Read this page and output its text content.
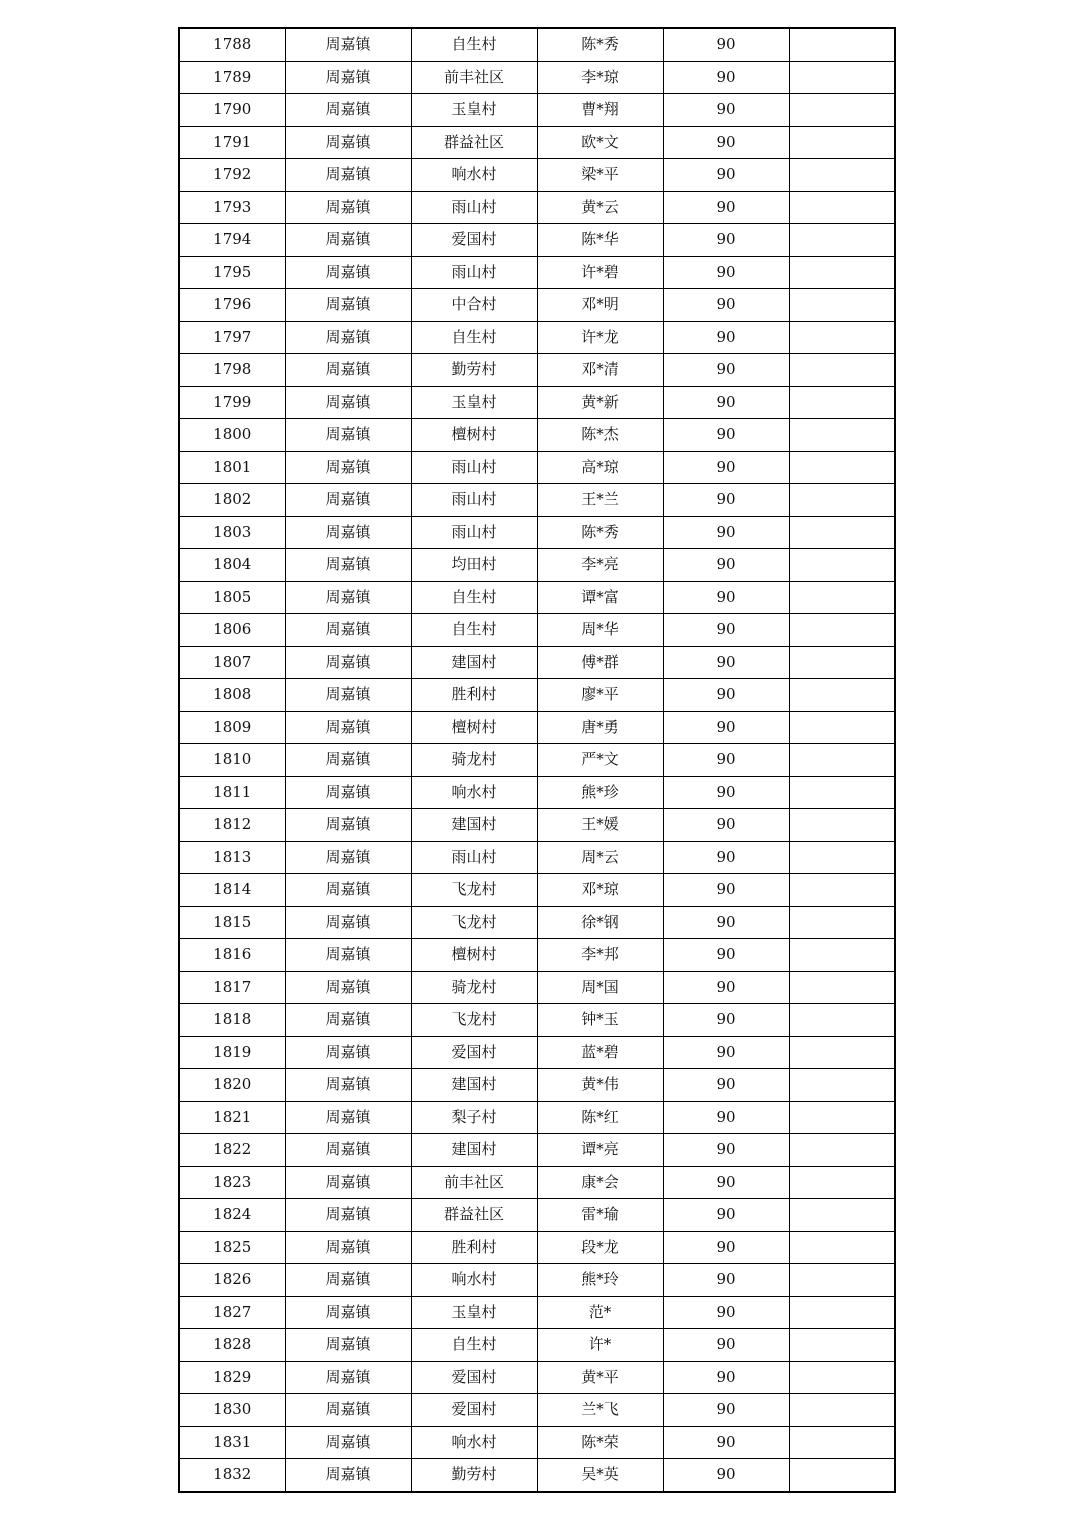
1788	周嘉镇	自生村	陈*秀	90	
1789	周嘉镇	前丰社区	李*琼	90	
1790	周嘉镇	玉皇村	曹*翔	90	
1791	周嘉镇	群益社区	欧*文	90	
1792	周嘉镇	响水村	梁*平	90	
1793	周嘉镇	雨山村	黄*云	90	
1794	周嘉镇	爱国村	陈*华	90	
1795	周嘉镇	雨山村	许*碧	90	
1796	周嘉镇	中合村	邓*明	90	
1797	周嘉镇	自生村	许*龙	90	
1798	周嘉镇	勤劳村	邓*清	90	
1799	周嘉镇	玉皇村	黄*新	90	
1800	周嘉镇	檀树村	陈*杰	90	
1801	周嘉镇	雨山村	高*琼	90	
1802	周嘉镇	雨山村	王*兰	90	
1803	周嘉镇	雨山村	陈*秀	90	
1804	周嘉镇	均田村	李*亮	90	
1805	周嘉镇	自生村	谭*富	90	
1806	周嘉镇	自生村	周*华	90	
1807	周嘉镇	建国村	傅*群	90	
1808	周嘉镇	胜利村	廖*平	90	
1809	周嘉镇	檀树村	唐*勇	90	
1810	周嘉镇	骑龙村	严*文	90	
1811	周嘉镇	响水村	熊*珍	90	
1812	周嘉镇	建国村	王*媛	90	
1813	周嘉镇	雨山村	周*云	90	
1814	周嘉镇	飞龙村	邓*琼	90	
1815	周嘉镇	飞龙村	徐*钢	90	
1816	周嘉镇	檀树村	李*邦	90	
1817	周嘉镇	骑龙村	周*国	90	
1818	周嘉镇	飞龙村	钟*玉	90	
1819	周嘉镇	爱国村	蓝*碧	90	
1820	周嘉镇	建国村	黄*伟	90	
1821	周嘉镇	梨子村	陈*红	90	
1822	周嘉镇	建国村	谭*亮	90	
1823	周嘉镇	前丰社区	康*会	90	
1824	周嘉镇	群益社区	雷*瑜	90	
1825	周嘉镇	胜利村	段*龙	90	
1826	周嘉镇	响水村	熊*玲	90	
1827	周嘉镇	玉皇村	范*	90	
1828	周嘉镇	自生村	许*	90	
1829	周嘉镇	爱国村	黄*平	90	
1830	周嘉镇	爱国村	兰*飞	90	
1831	周嘉镇	响水村	陈*荣	90	
1832	周嘉镇	勤劳村	吴*英	90	
